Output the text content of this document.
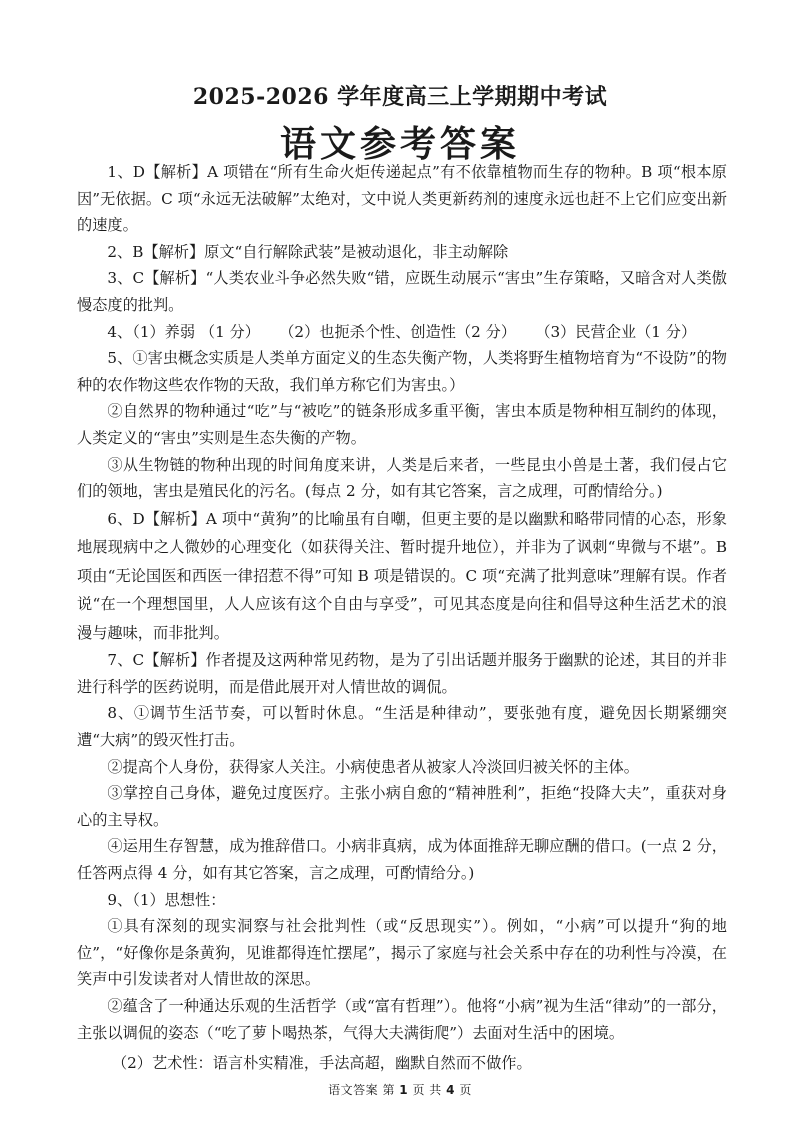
2025-2026 学年度高三上学期期中考试
语文参考答案

1、D【解析】A 项错在“所有生命火炬传递起点”有不依靠植物而生存的物种。B 项“根本原因”无依据。C 项“永远无法破解”太绝对，文中说人类更新药剂的速度永远也赶不上它们应变出新的速度。

2、B【解析】原文“自行解除武装”是被动退化，非主动解除

3、C【解析】“人类农业斗争必然失败“错，应既生动展示“害虫”生存策略，又暗含对人类傲慢态度的批判。

4、（1）养弱 （1 分）    （2）也扼杀个性、创造性（2 分）    （3）民营企业（1 分）

5、①害虫概念实质是人类单方面定义的生态失衡产物，人类将野生植物培育为“不设防”的物种的农作物这些农作物的天敌，我们单方称它们为害虫。）

②自然界的物种通过“吃”与“被吃”的链条形成多重平衡，害虫本质是物种相互制约的体现，人类定义的“害虫”实则是生态失衡的产物。

③从生物链的物种出现的时间角度来讲，人类是后来者，一些昆虫小兽是土著，我们侵占它们的领地，害虫是殖民化的污名。(每点 2 分，如有其它答案，言之成理，可酌情给分。)

6、D【解析】A 项中“黄狗”的比喻虽有自嘲，但更主要的是以幽默和略带同情的心态，形象地展现病中之人微妙的心理变化（如获得关注、暂时提升地位），并非为了讽刺“卑微与不堪”。B 项由“无论国医和西医一律招惹不得”可知 B 项是错误的。C 项“充满了批判意味”理解有误。作者说“在一个理想国里，人人应该有这个自由与享受”，可见其态度是向往和倡导这种生活艺术的浪漫与趣味，而非批判。

7、C【解析】作者提及这两种常见药物，是为了引出话题并服务于幽默的论述，其目的并非进行科学的医药说明，而是借此展开对人情世故的调侃。

8、①调节生活节奏，可以暂时休息。“生活是种律动”，要张弛有度，避免因长期紧绷突遭“大病”的毁灭性打击。

②提高个人身份，获得家人关注。小病使患者从被家人冷淡回归被关怀的主体。

③掌控自己身体，避免过度医疗。主张小病自愈的“精神胜利”，拒绝“投降大夫”，重获对身心的主导权。

④运用生存智慧，成为推辞借口。小病非真病，成为体面推辞无聊应酬的借口。(一点 2 分，任答两点得 4 分，如有其它答案，言之成理，可酌情给分。)

9、（1）思想性：

①具有深刻的现实洞察与社会批判性（或“反思现实”）。例如，“小病”可以提升“狗的地位”，“好像你是条黄狗，见谁都得连忙摆尾”，揭示了家庭与社会关系中存在的功利性与冷漠，在笑声中引发读者对人情世故的深思。

②蕴含了一种通达乐观的生活哲学（或“富有哲理”）。他将“小病”视为生活“律动”的一部分，主张以调侃的姿态（“吃了萝卜喝热茶，气得大夫满街爬”）去面对生活中的困境。

（2）艺术性：语言朴实精准，手法高超，幽默自然而不做作。

语文答案 第 1 页 共 4 页
